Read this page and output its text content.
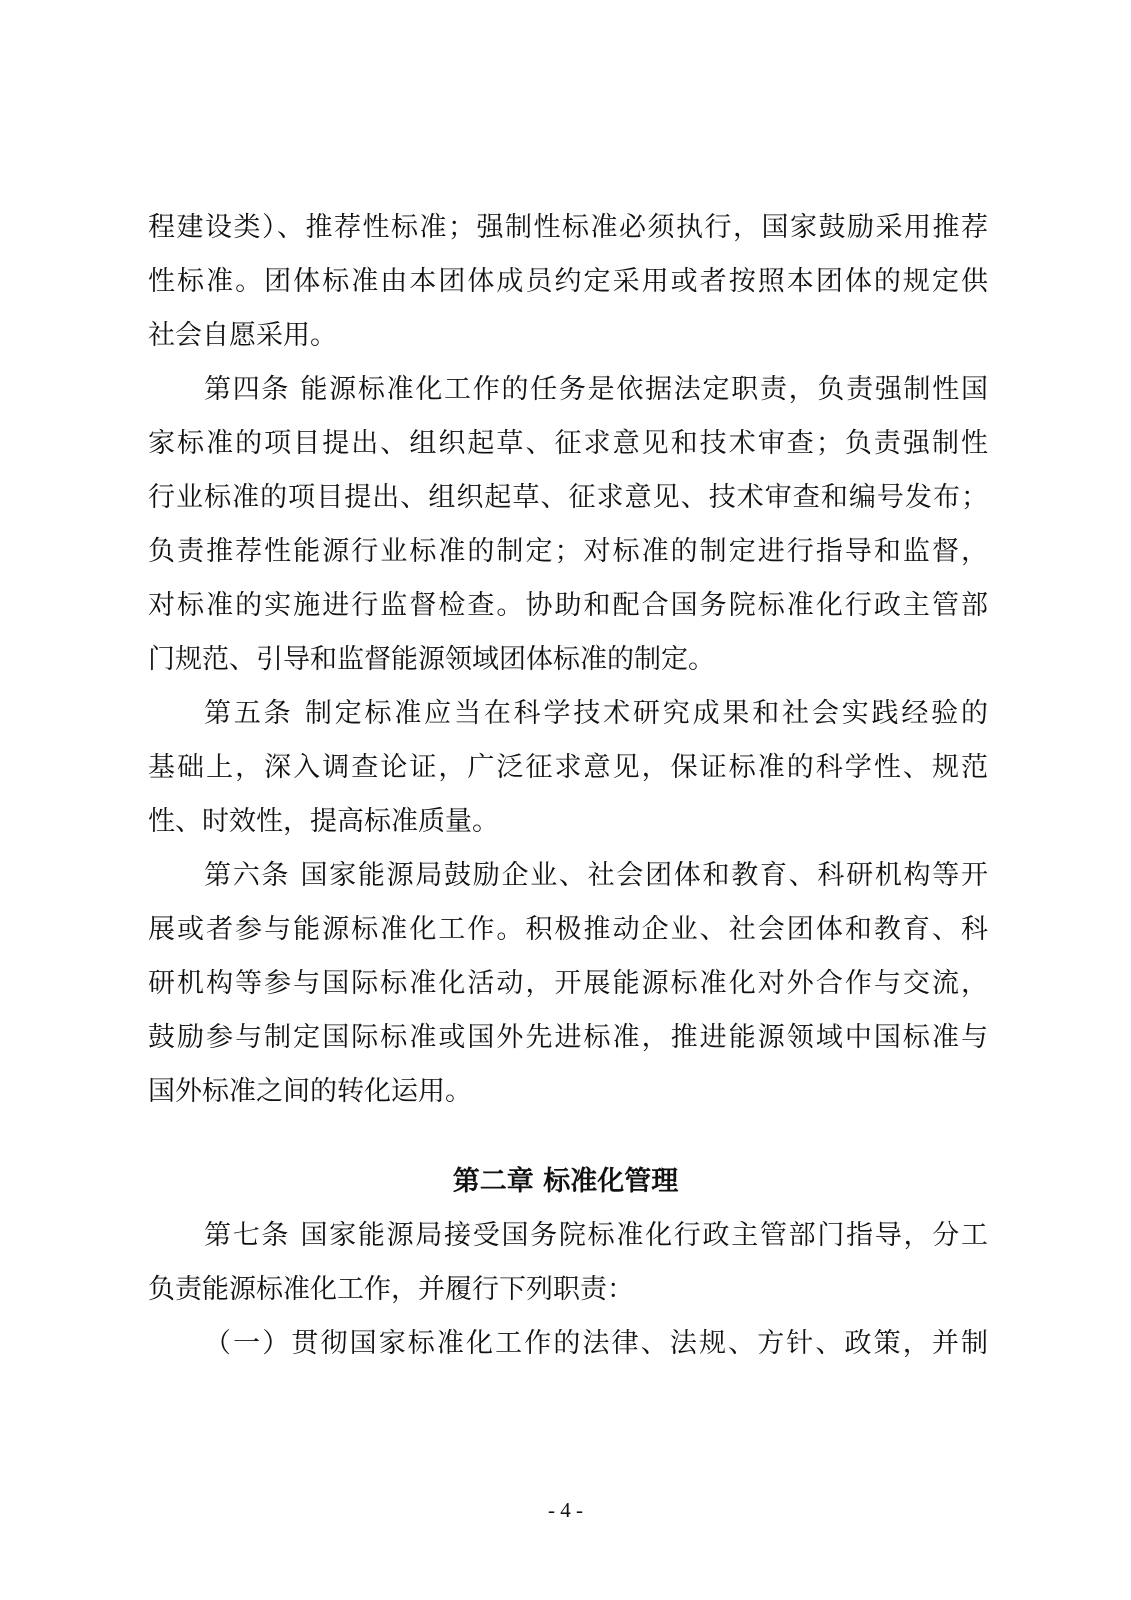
程建设类）、推荐性标准；强制性标准必须执行，国家鼓励采用推荐
性标准。团体标准由本团体成员约定采用或者按照本团体的规定供
社会自愿采用。
第四条 能源标准化工作的任务是依据法定职责，负责强制性国
家标准的项目提出、组织起草、征求意见和技术审查；负责强制性
行业标准的项目提出、组织起草、征求意见、技术审查和编号发布；
负责推荐性能源行业标准的制定；对标准的制定进行指导和监督，
对标准的实施进行监督检查。协助和配合国务院标准化行政主管部
门规范、引导和监督能源领域团体标准的制定。
第五条 制定标准应当在科学技术研究成果和社会实践经验的
基础上，深入调查论证，广泛征求意见，保证标准的科学性、规范
性、时效性，提高标准质量。
第六条 国家能源局鼓励企业、社会团体和教育、科研机构等开
展或者参与能源标准化工作。积极推动企业、社会团体和教育、科
研机构等参与国际标准化活动，开展能源标准化对外合作与交流，
鼓励参与制定国际标准或国外先进标准，推进能源领域中国标准与
国外标准之间的转化运用。
第二章 标准化管理
第七条 国家能源局接受国务院标准化行政主管部门指导，分工
负责能源标准化工作，并履行下列职责：
（一）贯彻国家标准化工作的法律、法规、方针、政策，并制
- 4 -
